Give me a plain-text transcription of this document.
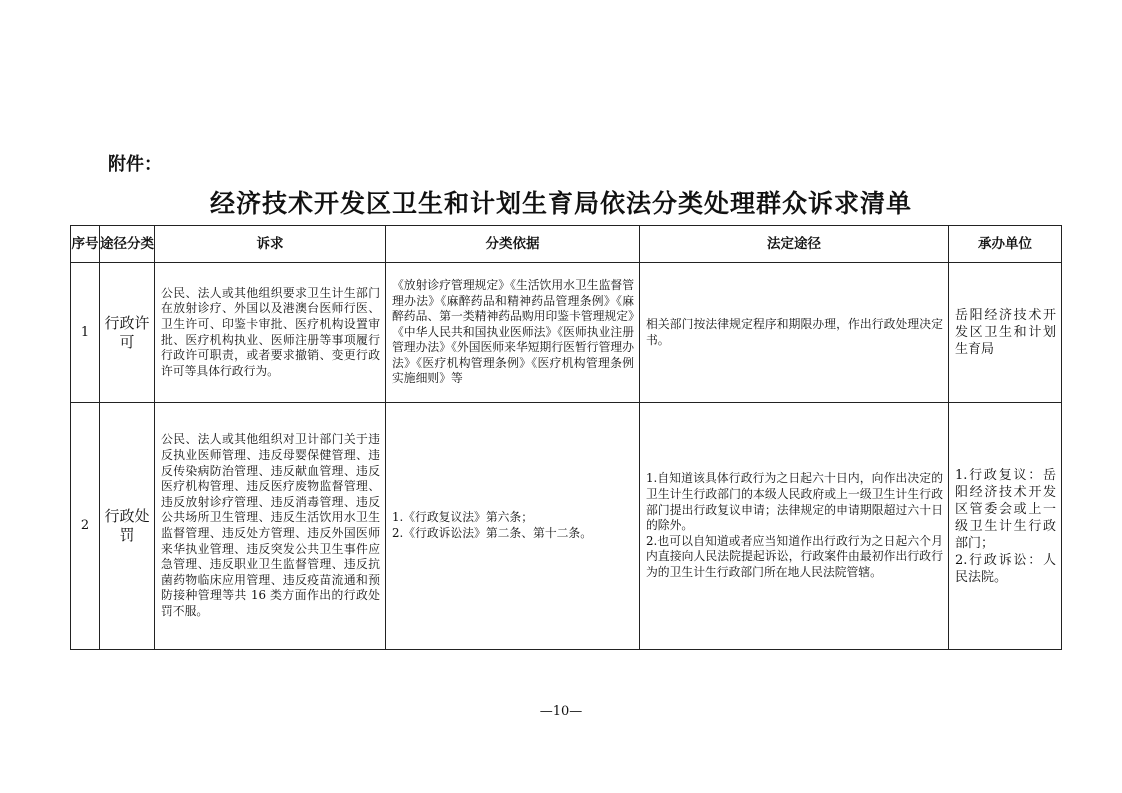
附件：
经济技术开发区卫生和计划生育局依法分类处理群众诉求清单
序号	途径分类	诉求	分类依据	法定途径	承办单位
1	行政许可	公民、法人或其他组织要求卫生计生部门在放射诊疗、外国以及港澳台医师行医、卫生许可、印鉴卡审批、医疗机构设置审批、医疗机构执业、医师注册等事项履行行政许可职责，或者要求撤销、变更行政许可等具体行政行为。	《放射诊疗管理规定》《生活饮用水卫生监督管理办法》《麻醉药品和精神药品管理条例》《麻醉药品、第一类精神药品购用印鉴卡管理规定》《中华人民共和国执业医师法》《医师执业注册管理办法》《外国医师来华短期行医暂行管理办法》《医疗机构管理条例》《医疗机构管理条例实施细则》等	相关部门按法律规定程序和期限办理，作出行政处理决定书。	岳阳经济技术开发区卫生和计划生育局
2	行政处罚	公民、法人或其他组织对卫计部门关于违反执业医师管理、违反母婴保健管理、违反传染病防治管理、违反献血管理、违反医疗机构管理、违反医疗废物监督管理、违反放射诊疗管理、违反消毒管理、违反公共场所卫生管理、违反生活饮用水卫生监督管理、违反处方管理、违反外国医师来华执业管理、违反突发公共卫生事件应急管理、违反职业卫生监督管理、违反抗菌药物临床应用管理、违反疫苗流通和预防接种管理等共 16 类方面作出的行政处罚不服。	1.《行政复议法》第六条；
2.《行政诉讼法》第二条、第十二条。	1.自知道该具体行政行为之日起六十日内，向作出决定的卫生计生行政部门的本级人民政府或上一级卫生计生行政部门提出行政复议申请；法律规定的申请期限超过六十日的除外。
2.也可以自知道或者应当知道作出行政行为之日起六个月内直接向人民法院提起诉讼，行政案件由最初作出行政行为的卫生计生行政部门所在地人民法院管辖。	1.行政复议：岳阳经济技术开发区管委会或上一级卫生计生行政部门；
2.行政诉讼：人民法院。
—10—
